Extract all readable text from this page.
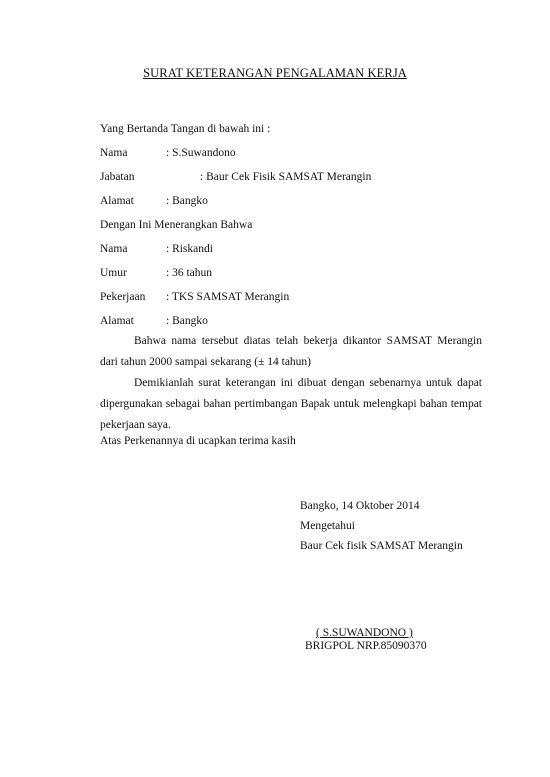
SURAT KETERANGAN PENGALAMAN KERJA
Yang Bertanda Tangan di bawah ini :
Nama	: S.Suwandono
Jabatan	: Baur Cek Fisik SAMSAT Merangin
Alamat	: Bangko
Dengan Ini Menerangkan Bahwa
Nama	: Riskandi
Umur	: 36 tahun
Pekerjaan : TKS SAMSAT Merangin
Alamat	: Bangko
Bahwa nama tersebut diatas telah bekerja dikantor SAMSAT Merangin dari tahun 2000 sampai sekarang (± 14 tahun)
Demikianlah surat keterangan ini dibuat dengan sebenarnya untuk dapat dipergunakan sebagai bahan pertimbangan Bapak untuk melengkapi bahan tempat pekerjaan saya.
Atas Perkenannya di ucapkan terima kasih
Bangko, 14 Oktober 2014
Mengetahui
Baur Cek fisik SAMSAT Merangin
( S.SUWANDONO )
BRIGPOL NRP.85090370
